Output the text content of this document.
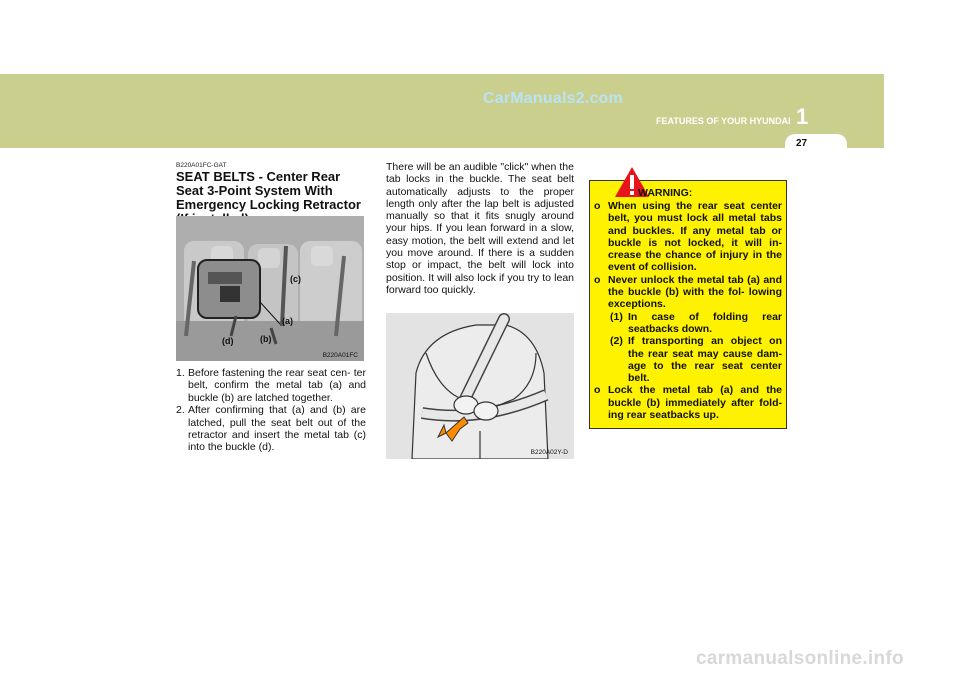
CarManuals2.com
FEATURES OF YOUR HYUNDAI 1
27
B220A01FC-GAT
SEAT BELTS - Center Rear Seat 3-Point System With Emergency Locking Retractor
(c)
(a)
(b)
(d)
B220A01FC
1. Before fastening the rear seat cen- ter belt, confirm the metal tab (a) and buckle (b) are latched together.
2. After confirming that (a) and (b) are latched, pull the seat belt out of the retractor and insert the metal tab (c) into the buckle (d).

There will be an audible "click" when the tab locks in the buckle. The seat belt automatically adjusts to the proper length only after the lap belt is adjusted manually so that it fits snugly around your hips. If you lean forward in a slow, easy motion, the belt will extend and let you move around. If there is a sudden stop or impact, the belt will lock into position. It will also lock if you try to lean forward too quickly.

B220A02Y-D
WARNING:
o When using the rear seat center belt, you must lock all metal tabs and buckles. If any metal tab or buckle is not locked, it will in- crease the chance of injury in the event of collision.
o Never unlock the metal tab (a) and the buckle (b) with the fol- lowing exceptions.
(1) In case of folding rear seatbacks down.
(2) If transporting an object on the rear seat may cause dam- age to the rear seat center belt.
o Lock the metal tab (a) and the buckle (b) immediately after fold- ing rear seatbacks up.
carmanualsonline.info
